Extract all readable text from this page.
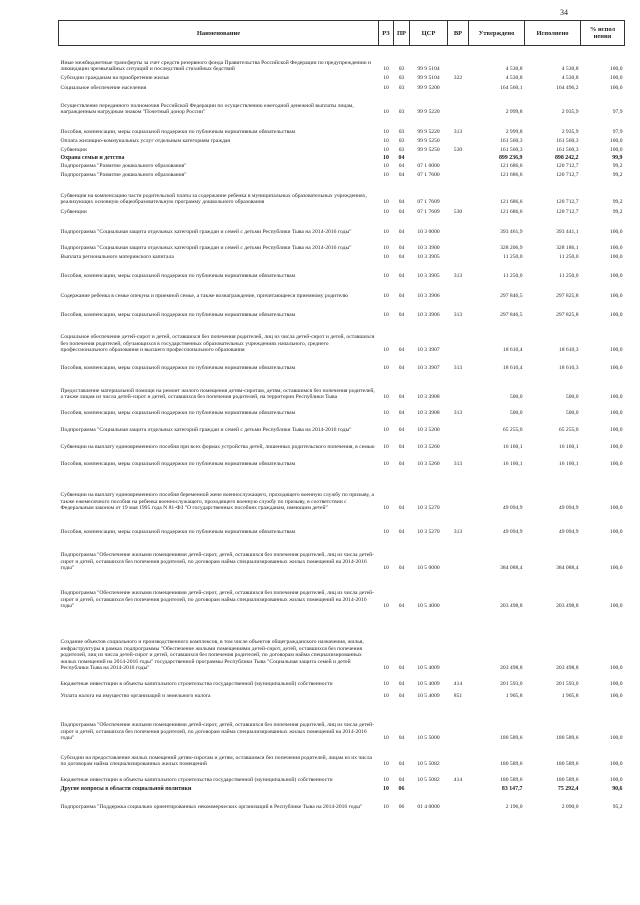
34
Наименование	РЗ	ПР	ЦСР	ВР	Утверждено	Исполнено	% испол нения
Иные межбюджетные трансферты за счет средств резервного фонда Правительства Российской Федерации по предупреждению и ликвидации чрезвычайных ситуаций и последствий стихийных бедствий	10	03	99 9 5104		4 530,8	4 530,8	100,0
Субсидии гражданам на приобретение жилья	10	03	99 9 5104	322	4 530,8	4 530,8	100,0
Социальное обеспечение населения	10	03	99 9 5200		164 560,1	164 496,2	100,0
Осуществление переданного полномочия Российской Федерации по осуществлению ежегодной денежной выплаты лицам, награжденным нагрудным знаком "Почетный донор России"	10	03	99 9 5220		2 999,8	2 935,9	97,9
Пособия, компенсации, меры социальной поддержки по публичным нормативным обязательствам	10	03	99 9 5220	313	2 999,8	2 935,9	97,9
Оплата жилищно-коммунальных услуг отдельным категориям граждан	10	03	99 9 5250		161 560,3	161 560,3	100,0
Субвенции	10	03	99 9 5250	530	161 560,3	161 560,3	100,0
Охрана семьи и детства	10	04			899 236,9	898 242,2	99,9
Подпрограмма "Развитие дошкольного образования"	10	04	07 1 0000		121 686,6	120 712,7	99,2
Подпрограмма "Развитие дошкольного образования"	10	04	07 1 7600		121 686,6	120 712,7	99,2
Субвенция на компенсацию части родительской платы за содержание ребенка в муниципальных образовательных учреждениях, реализующих основную общеобразовательную программу дошкольного образования	10	04	07 1 7609		121 686,6	120 712,7	99,2
Субвенции	10	04	07 1 7609	530	121 686,6	120 712,7	99,2
Подпрограмма "Социальная защита отдельных категорий граждан и семей с детьми Республики Тыва на 2014-2016 годы"	10	04	10 3 0000		393 461,9	393 441,1	100,0
Подпрограмма "Социальная защита отдельных категорий граждан и семей с детьми Республики Тыва на 2014-2016 годы"	10	04	10 3 3900		328 206,9	328 186,1	100,0
Выплата регионального материнского капитала	10	04	10 3 3905		11 250,0	11 250,0	100,0
Пособия, компенсации, меры социальной поддержки по публичным нормативным обязательствам	10	04	10 3 3905	313	11 250,0	11 250,0	100,0
Содержание ребенка в семье опекуна и приемной семье, а также вознаграждение, причитающееся приемному родителю	10	04	10 3 3906		297 846,5	297 825,8	100,0
Пособия, компенсации, меры социальной поддержки по публичным нормативным обязательствам	10	04	10 3 3906	313	297 846,5	297 825,8	100,0
Социальное обеспечение детей-сирот и детей, оставшихся без попечения родителей, лиц из числа детей-сирот и детей, оставшихся без попечения родителей, обучающихся в государственных образовательных учреждениях начального, среднего профессионального образования и высшего профессионального образования	10	04	10 3 3907		18 610,4	18 610,3	100,0
Пособия, компенсации, меры социальной поддержки по публичным нормативным обязательствам	10	04	10 3 3907	313	18 610,4	18 610,3	100,0
Предоставление материальной помощи на ремонт жилого помещения детям-сиротам, детям, оставшимся без попечения родителей, а также лицам из числа детей-сирот и детей, оставшихся без попечения родителей, на территории Республики Тыва	10	04	10 3 3908		500,0	500,0	100,0
Пособия, компенсации, меры социальной поддержки по публичным нормативным обязательствам	10	04	10 3 3908	313	500,0	500,0	100,0
Подпрограмма "Социальная защита отдельных категорий граждан и семей с детьми Республики Тыва на 2014-2016 годы"	10	04	10 3 5200		65 255,0	65 255,0	100,0
Субвенции на выплату единовременного пособия при всех формах устройства детей, лишенных родительского попечения, в семью	10	04	10 3 5260		16 160,1	16 160,1	100,0
Пособия, компенсации, меры социальной поддержки по публичным нормативным обязательствам	10	04	10 3 5260	313	16 160,1	16 160,1	100,0
Субвенции на выплату единовременного пособия беременной жене военнослужащего, проходящего военную службу по призыву, а также ежемесячного пособия на ребенка военнослужащего, проходящего военную службу по призыву, в соответствии с Федеральным законом от 19 мая 1995 года N 81-ФЗ "О государственных пособиях гражданам, имеющим детей"	10	04	10 3 5270		49 094,9	49 094,9	100,0
Пособия, компенсации, меры социальной поддержки по публичным нормативным обязательствам	10	04	10 3 5270	313	49 094,9	49 094,9	100,0
Подпрограмма "Обеспечение жилыми помещениями детей-сирот, детей, оставшихся без попечения родителей, лиц из числа детей-сирот и детей, оставшихся без попечения родителей, по договорам найма специализированных жилых помещений на 2014-2016 годы"	10	04	10 5 0000		384 088,4	384 088,4	100,0
Подпрограмма "Обеспечение жилыми помещениями детей-сирот, детей, оставшихся без попечения родителей, лиц из числа детей-сирот и детей, оставшихся без попечения родителей, по договорам найма специализированных жилых помещений на 2014-2016 годы"	10	04	10 5 4000		203 498,8	203 498,8	100,0
Создание объектов социального и производственного комплексов, в том числе объектов общегражданского назначения, жилья, инфраструктуры в рамках подпрограммы "Обеспечение жилыми помещениями детей-сирот, детей, оставшихся без попечения родителей, лиц из числа детей-сирот и детей, оставшихся без попечения родителей, по договорам найма специализированных жилых помещений на 2014-2016 годы" государственной программы Республики Тыва "Социальная защита семей и детей Республики Тыва на 2014-2016 годы"	10	04	10 5 4009		203 498,8	203 498,8	100,0
Бюджетные инвестиции в объекты капитального строительства государственной (муниципальной) собственности	10	04	10 5 4009	414	201 593,0	201 593,0	100,0
Уплата налога на имущество организаций и земельного налога	10	04	10 5 4009	851	1 905,8	1 905,8	100,0
Подпрограмма "Обеспечение жилыми помещениями детей-сирот, детей, оставшихся без попечения родителей, лиц из числа детей-сирот и детей, оставшихся без попечения родителей, по договорам найма специализированных жилых помещений на 2014-2016 годы"	10	04	10 5 5000		180 589,6	180 589,6	100,0
Субсидии на предоставление жилых помещений детям-сиротам и детям, оставшимся без попечения родителей, лицам из их числа по договорам найма специализированных жилых помещений	10	04	10 5 5082		180 589,6	180 589,6	100,0
Бюджетные инвестиции в объекты капитального строительства государственной (муниципальной) собственности	10	04	10 5 5082	414	180 589,6	180 589,6	100,0
Другие вопросы в области социальной политики	10	06			83 147,7	75 292,4	90,6
Подпрограмма "Поддержка социально ориентированных некоммерческих организаций в Республике Тыва на 2014-2016 годы"	10	06	01 4 0000		2 196,0	2 090,0	95,2
